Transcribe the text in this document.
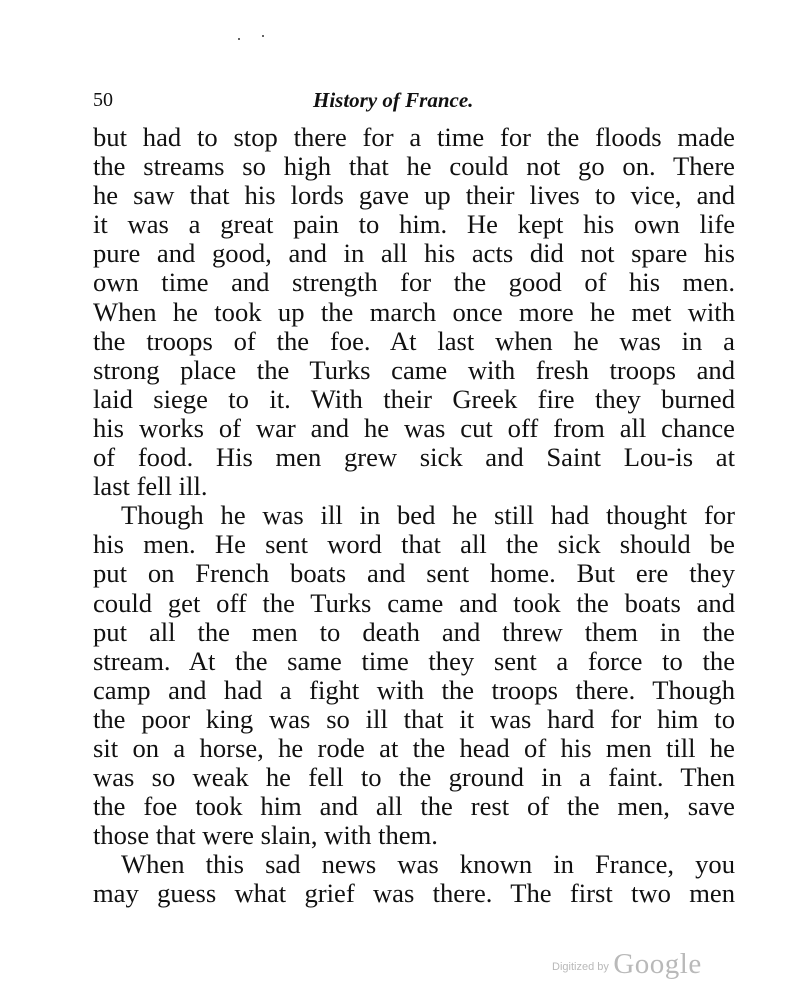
50	History of France.
but had to stop there for a time for the floods made
the streams so high that he could not go on. There
he saw that his lords gave up their lives to vice, and
it was a great pain to him. He kept his own life
pure and good, and in all his acts did not spare his
own time and strength for the good of his men.
When he took up the march once more he met with
the troops of the foe. At last when he was in a
strong place the Turks came with fresh troops and
laid siege to it. With their Greek fire they burned
his works of war and he was cut off from all chance
of food. His men grew sick and Saint Lou-is at
last fell ill.
Though he was ill in bed he still had thought for
his men. He sent word that all the sick should be
put on French boats and sent home. But ere they
could get off the Turks came and took the boats and
put all the men to death and threw them in the
stream. At the same time they sent a force to the
camp and had a fight with the troops there. Though
the poor king was so ill that it was hard for him to
sit on a horse, he rode at the head of his men till he
was so weak he fell to the ground in a faint. Then
the foe took him and all the rest of the men, save
those that were slain, with them.
When this sad news was known in France, you
may guess what grief was there. The first two men
Digitized by Google
